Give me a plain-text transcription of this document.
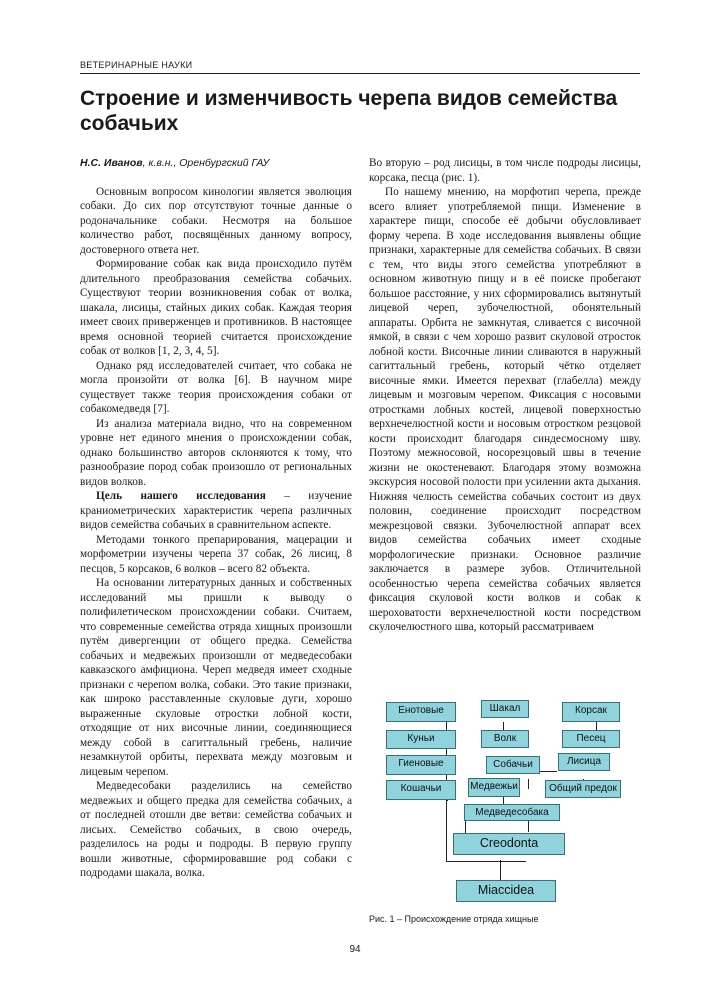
ВЕТЕРИНАРНЫЕ НАУКИ
Строение и изменчивость черепа видов семейства собачьих
Н.С. Иванов, к.в.н., Оренбургский ГАУ

Основным вопросом кинологии является эволюция собаки. До сих пор отсутствуют точные данные о родоначальнике собаки. Несмотря на большое количество работ, посвящённых данному вопросу, достоверного ответа нет.

Формирование собак как вида происходило путём длительного преобразования семейства собачьих. Существуют теории возникновения собак от волка, шакала, лисицы, стайных диких собак. Каждая теория имеет своих приверженцев и противников. В настоящее время основной теорией считается происхождение собак от волков [1, 2, 3, 4, 5].

Однако ряд исследователей считает, что собака не могла произойти от волка [6]. В научном мире существует также теория происхождения собаки от собакомедведя [7].

Из анализа материала видно, что на современном уровне нет единого мнения о происхождении собак, однако большинство авторов склоняются к тому, что разнообразие пород собак произошло от региональных видов волков.

Цель нашего исследования – изучение краниометрических характеристик черепа различных видов семейства собачьих в сравнительном аспекте.

Методами тонкого препарирования, мацерации и морфометрии изучены черепа 37 собак, 26 лисиц, 8 песцов, 5 корсаков, 6 волков – всего 82 объекта.

На основании литературных данных и собственных исследований мы пришли к выводу о полифилетическом происхождении собаки. Считаем, что современные семейства отряда хищных произошли путём дивергенции от общего предка. Семейства собачьих и медвежьих произошли от медведесобаки кавказского амфициона. Череп медведя имеет сходные признаки с черепом волка, собаки. Это такие признаки, как широко расставленные скуловые дуги, хорошо выраженные скуловые отростки лобной кости, отходящие от них височные линии, соединяющиеся между собой в сагиттальный гребень, наличие незамкнутой орбиты, перехвата между мозговым и лицевым черепом.

Медведесобаки разделились на семейство медвежьих и общего предка для семейства собачьих, а от последней отошли две ветви: семейства собачьих и лисьих. Семейство собачьих, в свою очередь, разделилось на роды и подроды. В первую группу вошли животные, сформировавшие род собаки с подродами шакала, волка.

Во вторую – род лисицы, в том числе подроды лисицы, корсака, песца (рис. 1).

По нашему мнению, на морфотип черепа, прежде всего влияет употребляемой пищи. Изменение в характере пищи, способе её добычи обусловливает форму черепа. В ходе исследования выявлены общие признаки, характерные для семейства собачьих. В связи с тем, что виды этого семейства употребляют в основном животную пищу и в её поиске пробегают большое расстояние, у них сформировались вытянутый лицевой череп, зубочелюстной, обонятельный аппараты. Орбита не замкнутая, сливается с височной ямкой, в связи с чем хорошо развит скуловой отросток лобной кости. Височные линии сливаются в наружный сагиттальный гребень, который чётко отделяет височные ямки. Имеется перехват (глабелла) между лицевым и мозговым черепом. Фиксация с носовыми отростками лобных костей, лицевой поверхностью верхнечелюстной кости и носовым отростком резцовой кости происходит благодаря синдесмосному шву. Поэтому межносовой, носорезцовый швы в течение жизни не окостеневают. Благодаря этому возможна экскурсия носовой полости при усилении акта дыхания. Нижняя челюсть семейства собачьих состоит из двух половин, соединение происходит посредством межрезцовой связки. Зубочелюстной аппарат всех видов семейства собачьих имеет сходные морфологические признаки. Основное различие заключается в размере зубов. Отличительной особенностью черепа семейства собачьих является фиксация скуловой кости волков и собак к шероховатости верхнечелюстной кости посредством скулочелюстного шва, который рассматриваем

Енотовые	Шакал	Корсак
Куньи	Волк	Песец
Гиеновые	Собачьи	Лисица
Кошачьи	Медвежьи	Общий предок
Медведесобака
Creodonta
Miaccidea
Рис. 1 – Происхождение отряда хищные
94
